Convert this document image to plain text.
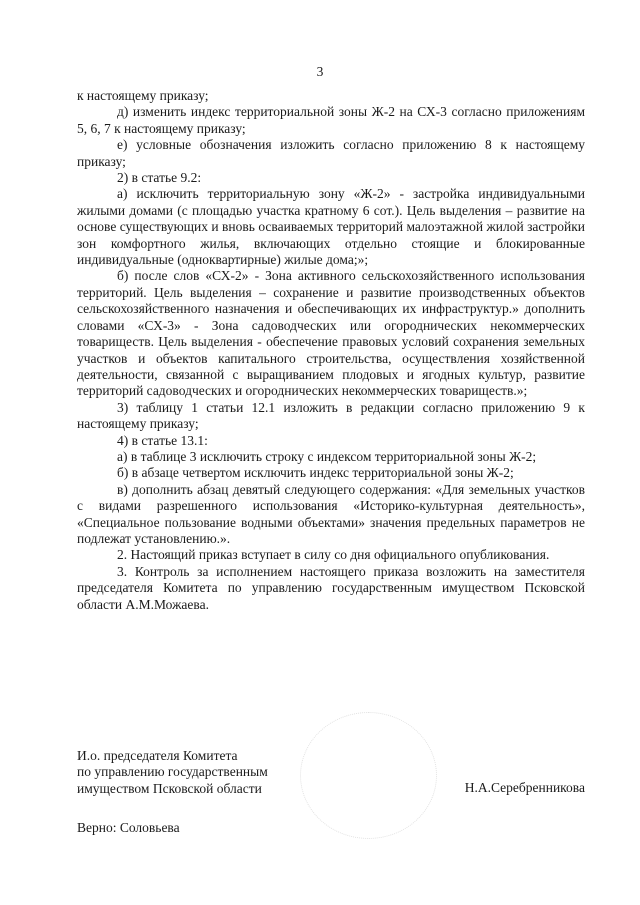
3

к настоящему приказу;

д) изменить индекс территориальной зоны Ж-2 на СХ-3 согласно приложениям 5, 6, 7 к настоящему приказу;

е) условные обозначения изложить согласно приложению 8 к настоящему приказу;

2) в статье 9.2:

а) исключить территориальную зону «Ж-2» - застройка индивидуальными жилыми домами (с площадью участка кратному 6 сот.). Цель выделения – развитие на основе существующих и вновь осваиваемых территорий малоэтажной жилой застройки зон комфортного жилья, включающих отдельно стоящие и блокированные индивидуальные (одноквартирные) жилые дома;»;

б) после слов «СХ-2» - Зона активного сельскохозяйственного использования территорий. Цель выделения – сохранение и развитие производственных объектов сельскохозяйственного назначения и обеспечивающих их инфраструктур.» дополнить словами «СХ-3» - Зона садоводческих или огороднических некоммерческих товариществ. Цель выделения - обеспечение правовых условий сохранения земельных участков и объектов капитального строительства, осуществления хозяйственной деятельности, связанной с выращиванием плодовых и ягодных культур, развитие территорий садоводческих и огороднических некоммерческих товариществ.»;

3) таблицу 1 статьи 12.1 изложить в редакции согласно приложению 9 к настоящему приказу;

4) в статье 13.1:

а) в таблице 3 исключить строку с индексом территориальной зоны Ж-2;

б) в абзаце четвертом исключить индекс территориальной зоны Ж-2;

в) дополнить абзац девятый следующего содержания: «Для земельных участков с видами разрешенного использования «Историко-культурная деятельность», «Специальное пользование водными объектами» значения предельных параметров не подлежат установлению.».

2. Настоящий приказ вступает в силу со дня официального опубликования.

3. Контроль за исполнением настоящего приказа возложить на заместителя председателя Комитета по управлению государственным имуществом Псковской области А.М.Можаева.

И.о. председателя Комитета
по управлению государственным
имуществом Псковской области	Н.А.Серебренникова
Верно: Соловьева
